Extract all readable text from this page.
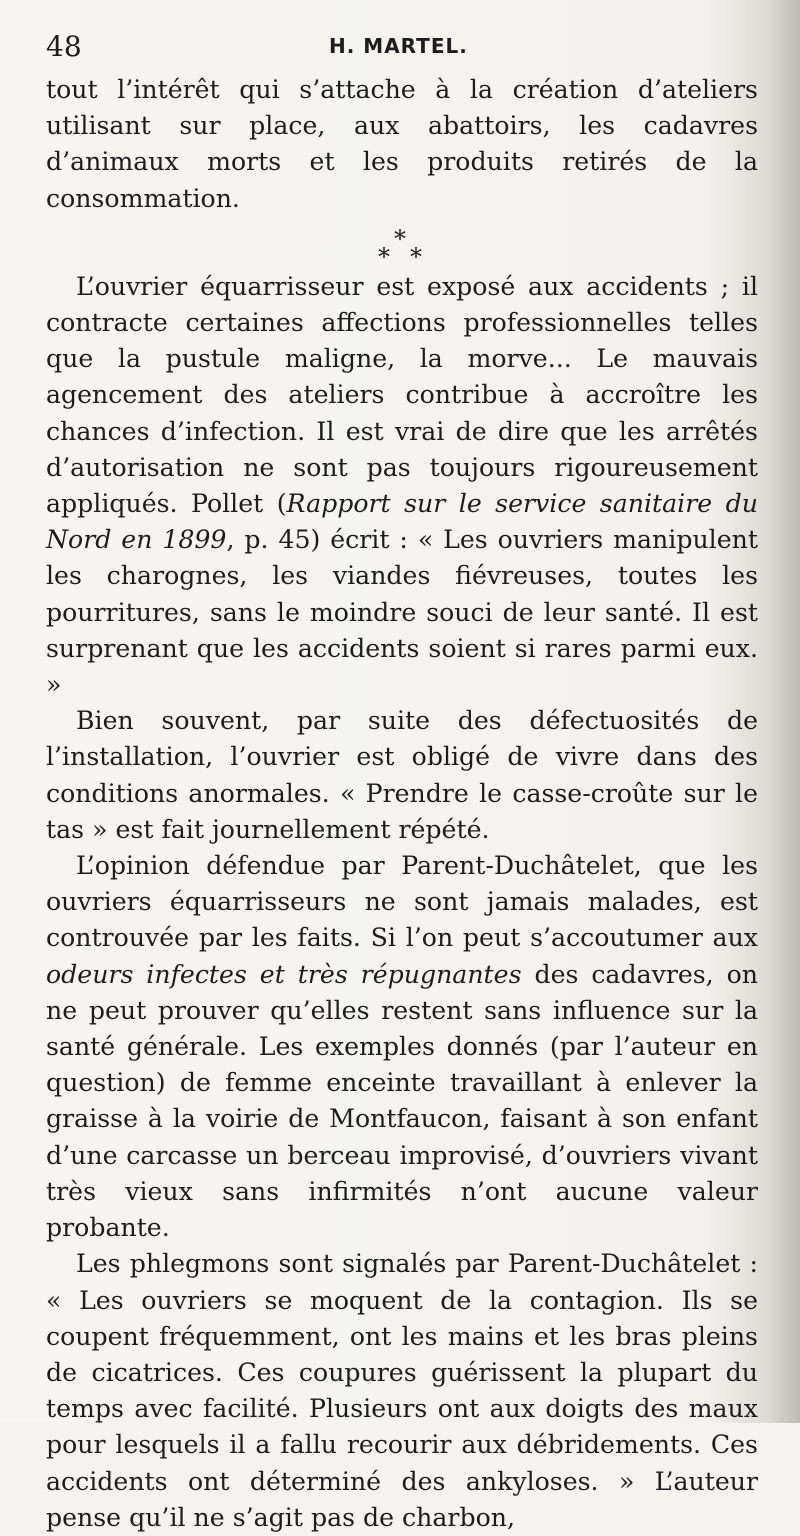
48	H. MARTEL.

tout l’intérêt qui s’attache à la création d’ateliers utilisant sur place, aux abattoirs, les cadavres d’animaux morts et les produits retirés de la consommation.

*
* *

L’ouvrier équarrisseur est exposé aux accidents ; il contracte certaines affections professionnelles telles que la pustule maligne, la morve... Le mauvais agencement des ateliers contribue à accroître les chances d’infection. Il est vrai de dire que les arrêtés d’autorisation ne sont pas toujours rigoureusement appliqués. Pollet (Rapport sur le service sanitaire du Nord en 1899, p. 45) écrit : « Les ouvriers manipulent les charognes, les viandes fiévreuses, toutes les pourritures, sans le moindre souci de leur santé. Il est surprenant que les accidents soient si rares parmi eux. »

Bien souvent, par suite des défectuosités de l’installation, l’ouvrier est obligé de vivre dans des conditions anormales. « Prendre le casse-croûte sur le tas » est fait journellement répété.

L’opinion défendue par Parent-Duchâtelet, que les ouvriers équarrisseurs ne sont jamais malades, est controuvée par les faits. Si l’on peut s’accoutumer aux odeurs infectes et très répugnantes des cadavres, on ne peut prouver qu’elles restent sans influence sur la santé générale. Les exemples donnés (par l’auteur en question) de femme enceinte travaillant à enlever la graisse à la voirie de Montfaucon, faisant à son enfant d’une carcasse un berceau improvisé, d’ouvriers vivant très vieux sans infirmités n’ont aucune valeur probante.

Les phlegmons sont signalés par Parent-Duchâtelet : « Les ouvriers se moquent de la contagion. Ils se coupent fréquemment, ont les mains et les bras pleins de cicatrices. Ces coupures guérissent la plupart du temps avec facilité. Plusieurs ont aux doigts des maux pour lesquels il a fallu recourir aux débridements. Ces accidents ont déterminé des ankyloses. » L’auteur pense qu’il ne s’agit pas de charbon,
